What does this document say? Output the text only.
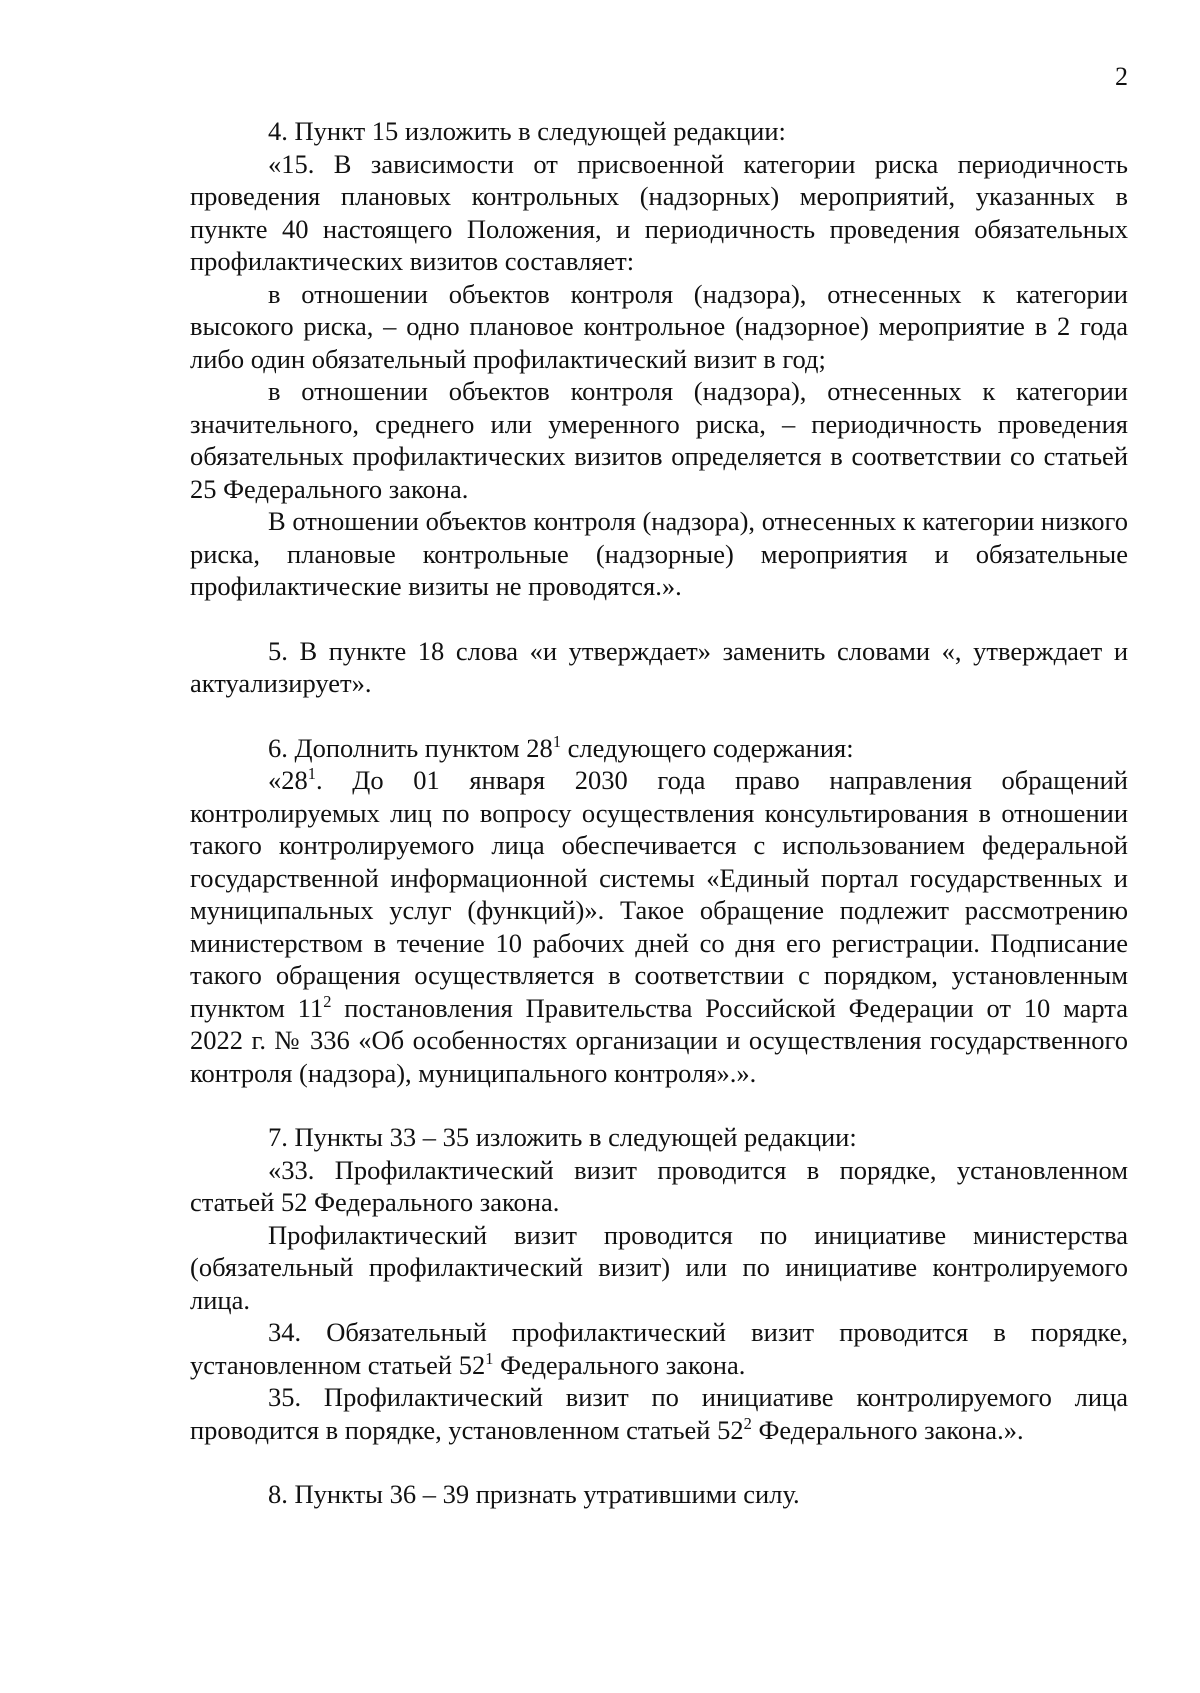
2

4. Пункт 15 изложить в следующей редакции:

«15. В зависимости от присвоенной категории риска периодичность проведения плановых контрольных (надзорных) мероприятий, указанных в пункте 40 настоящего Положения, и периодичность проведения обязательных профилактических визитов составляет:

в отношении объектов контроля (надзора), отнесенных к категории высокого риска, – одно плановое контрольное (надзорное) мероприятие в 2 года либо один обязательный профилактический визит в год;

в отношении объектов контроля (надзора), отнесенных к категории значительного, среднего или умеренного риска, – периодичность проведения обязательных профилактических визитов определяется в соответствии со статьей 25 Федерального закона.

В отношении объектов контроля (надзора), отнесенных к категории низкого риска, плановые контрольные (надзорные) мероприятия и обязательные профилактические визиты не проводятся.».

5. В пункте 18 слова «и утверждает» заменить словами «, утверждает и актуализирует».

6. Дополнить пунктом $28^1$ следующего содержания:

«$28^1$. До 01 января 2030 года право направления обращений контролируемых лиц по вопросу осуществления консультирования в отношении такого контролируемого лица обеспечивается с использованием федеральной государственной информационной системы «Единый портал государственных и муниципальных услуг (функций)». Такое обращение подлежит рассмотрению министерством в течение 10 рабочих дней со дня его регистрации. Подписание такого обращения осуществляется в соответствии с порядком, установленным пунктом $11^2$ постановления Правительства Российской Федерации от 10 марта 2022 г. № 336 «Об особенностях организации и осуществления государственного контроля (надзора), муниципального контроля».».

7. Пункты 33 – 35 изложить в следующей редакции:

«33. Профилактический визит проводится в порядке, установленном статьей 52 Федерального закона.

Профилактический визит проводится по инициативе министерства (обязательный профилактический визит) или по инициативе контролируемого лица.

34. Обязательный профилактический визит проводится в порядке, установленном статьей $52^1$ Федерального закона.

35. Профилактический визит по инициативе контролируемого лица проводится в порядке, установленном статьей $52^2$ Федерального закона.».

8. Пункты 36 – 39 признать утратившими силу.
